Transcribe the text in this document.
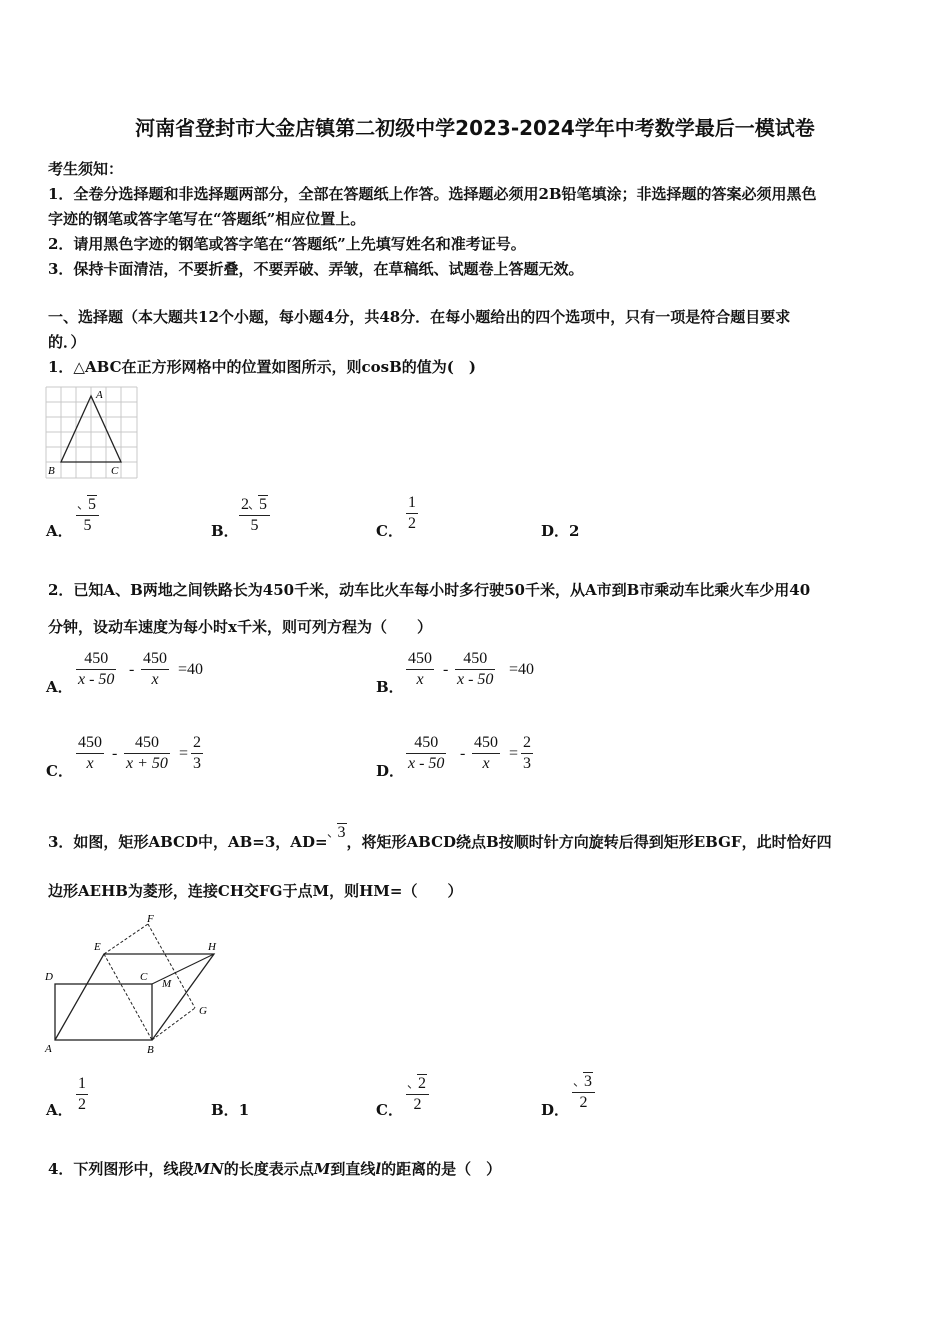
河南省登封市大金店镇第二初级中学2023-2024学年中考数学最后一模试卷
考生须知：
1．全卷分选择题和非选择题两部分，全部在答题纸上作答。选择题必须用2B铅笔填涂；非选择题的答案必须用黑色
字迹的钢笔或答字笔写在“答题纸”相应位置上。
2．请用黑色字迹的钢笔或答字笔在“答题纸”上先填写姓名和准考证号。
3．保持卡面清洁，不要折叠，不要弄破、弄皱，在草稿纸、试题卷上答题无效。
一、选择题（本大题共12个小题，每小题4分，共48分．在每小题给出的四个选项中，只有一项是符合题目要求
的．）
1．△ABC在正方形网格中的位置如图所示，则cosB的值为(　)
A
B	C
A．
5
5	B．
2 5
5	C．
1
2	D．2
2．已知A、B两地之间铁路长为450千米，动车比火车每小时多行驶50千米，从A市到B市乘动车比乘火车少用40
分钟，设动车速度为每小时x千米，则可列方程为（　　）
A．
450
x - 50
-
450
x
=40
B．
450
x
-
450
x - 50
=40
C．
450
x
-
450
x + 50
=
2
3	D．
450
x - 50
-
450
x
=
2
3
3．如图，矩形ABCD中，AB=3，AD=3，将矩形ABCD绕点B按顺时针方向旋转后得到矩形EBGF，此时恰好四
边形AEHB为菱形，连接CH交FG于点M，则HM=（　　）
F
E	H
D	C
M
G
A	B
A．
1
2	B．1	C．
2
2	D．
3
2
4．下列图形中，线段MN的长度表示点M到直线l的距离的是（　）
